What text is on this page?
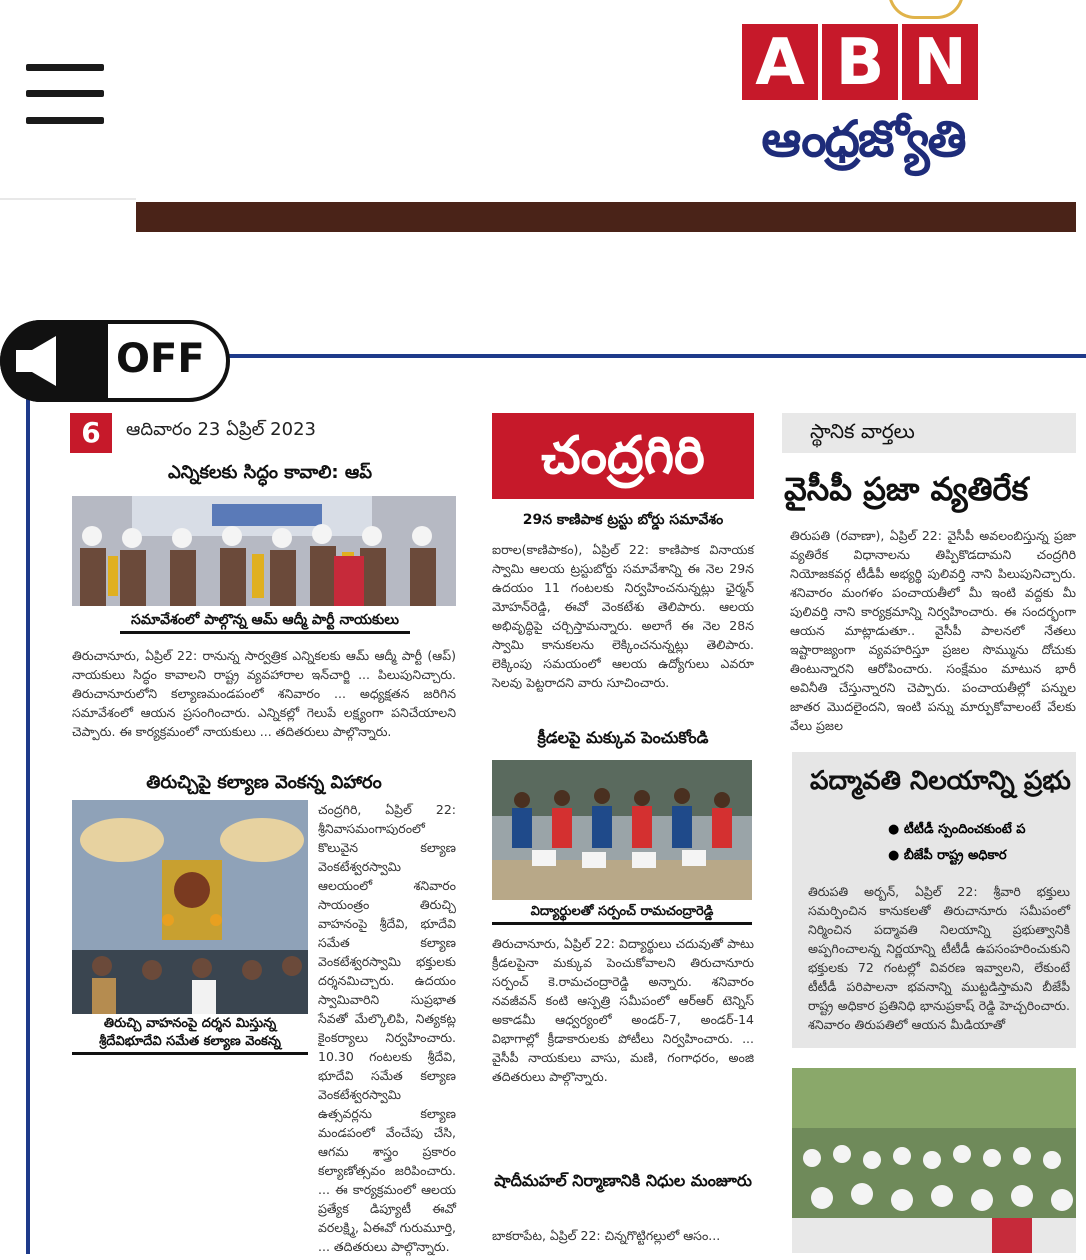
A B N
ఆంధ్రజ్యోతి
OFF
6	ఆదివారం 23 ఏప్రిల్ 2023	చంద్రగిరి	స్థానిక వార్తలు
ఎన్నికలకు సిద్ధం కావాలి: ఆప్
సమావేశంలో పాల్గొన్న ఆమ్ ఆద్మీ పార్టీ నాయకులు
తిరుచానూరు, ఏప్రిల్ 22: రానున్న సార్వత్రిక ఎన్నికలకు ఆమ్ ఆద్మీ పార్టీ (ఆప్) నాయకులు సిద్ధం కావాలని రాష్ట్ర వ్యవహారాల ఇన్‌చార్జి ... పిలుపునిచ్చారు. తిరుచానూరులోని కల్యాణమండపంలో శనివారం ... అధ్యక్షతన జరిగిన సమావేశంలో ఆయన ప్రసంగించారు. ఎన్నికల్లో గెలుపే లక్ష్యంగా పనిచేయాలని చెప్పారు. ఈ కార్యక్రమంలో నాయకులు ... తదితరులు పాల్గొన్నారు.
తిరుచ్చిపై కల్యాణ వెంకన్న విహారం
చంద్రగిరి, ఏప్రిల్ 22: శ్రీనివాసమంగాపురంలో కొలువైన కల్యాణ వెంకటేశ్వరస్వామి ఆలయంలో శనివారం సాయంత్రం తిరుచ్చి వాహనంపై శ్రీదేవి, భూదేవి సమేత కల్యాణ వెంకటేశ్వరస్వామి భక్తులకు దర్శనమిచ్చారు. ఉదయం స్వామివారిని సుప్రభాత సేవతో మేల్కొలిపి, నిత్యకట్ల కైంకర్యాలు నిర్వహించారు. 10.30 గంటలకు శ్రీదేవి, భూదేవి సమేత కల్యాణ వెంకటేశ్వరస్వామి ఉత్సవర్లను కల్యాణ మండపంలో వేంచేపు చేసి, ఆగమ శాస్త్రం ప్రకారం కల్యాణోత్సవం జరిపించారు. ... ఈ కార్యక్రమంలో ఆలయ ప్రత్యేక డిప్యూటీ ఈవో వరలక్ష్మి, ఏఈవో గురుమూర్తి, ... తదితరులు పాల్గొన్నారు.
తిరుచ్చి వాహనంపై దర్శన మిస్తున్న శ్రీదేవిభూదేవి సమేత కల్యాణ వెంకన్న
29న కాణిపాక ట్రస్టు బోర్డు సమావేశం
ఐరాల(కాణిపాకం), ఏప్రిల్ 22: కాణిపాక వినాయక స్వామి ఆలయ ట్రస్టుబోర్డు సమావేశాన్ని ఈ నెల 29న ఉదయం 11 గంటలకు నిర్వహించనున్నట్లు ఛైర్మన్ మోహన్‌రెడ్డి, ఈవో వెంకటేశు తెలిపారు. ఆలయ అభివృద్ధిపై చర్చిస్తామన్నారు. అలాగే ఈ నెల 28న స్వామి కానుకలను లెక్కించనున్నట్లు తెలిపారు. లెక్కింపు సమయంలో ఆలయ ఉద్యోగులు ఎవరూ సెలవు పెట్టరాదని వారు సూచించారు.
క్రీడలపై మక్కువ పెంచుకోండి
విద్యార్థులతో సర్పంచ్ రామచంద్రారెడ్డి
తిరుచానూరు, ఏప్రిల్ 22: విద్యార్థులు చదువుతో పాటు క్రీడలపైనా మక్కువ పెంచుకోవాలని తిరుచానూరు సర్పంచ్ కె.రామచంద్రారెడ్డి అన్నారు. శనివారం నవజీవన్ కంటి ఆస్పత్రి సమీపంలో ఆర్‌ఆర్ టెన్నిస్ అకాడమీ ఆధ్వర్యంలో అండర్-7, అండర్-14 విభాగాల్లో క్రీడాకారులకు పోటీలు నిర్వహించారు. ... వైసీపీ నాయకులు వాసు, మణి, గంగాధరం, అంజి తదితరులు పాల్గొన్నారు.
షాదీమహల్ నిర్మాణానికి నిధుల మంజూరు
బాకరాపేట, ఏప్రిల్ 22: చిన్నగొట్టిగల్లులో ఆసం...
వైసీపీ ప్రజా వ్యతిరేక
తిరుపతి (రవాణా), ఏప్రిల్ 22: వైసీపీ అవలంబిస్తున్న ప్రజా వ్యతిరేక విధానాలను తిప్పికొడదామని చంద్రగిరి నియోజకవర్గ టీడీపీ అభ్యర్థి పులివర్తి నాని పిలుపునిచ్చారు. శనివారం మంగళం పంచాయతీలో మీ ఇంటి వద్దకు మీ పులివర్తి నాని కార్యక్రమాన్ని నిర్వహించారు. ఈ సందర్భంగా ఆయన మాట్లాడుతూ.. వైసీపీ పాలనలో నేతలు ఇష్టారాజ్యంగా వ్యవహరిస్తూ ప్రజల సొమ్మును దోచుకు తింటున్నారని ఆరోపించారు. సంక్షేమం మాటున భారీ అవినీతి చేస్తున్నారని చెప్పారు. పంచాయతీల్లో పన్నుల జాతర మొదలైందని, ఇంటి పన్ను మార్పుకోవాలంటే వేలకు వేలు ప్రజల
పద్మావతి నిలయాన్ని ప్రభు
● టీటీడీ స్పందించకుంటే ప
● బీజేపీ రాష్ట్ర అధికార
తిరుపతి అర్బన్, ఏప్రిల్ 22: శ్రీవారి భక్తులు సమర్పించిన కానుకలతో తిరుచానూరు సమీపంలో నిర్మించిన పద్మావతి నిలయాన్ని ప్రభుత్వానికి అప్పగించాలన్న నిర్ణయాన్ని టీటీడీ ఉపసంహరించుకుని భక్తులకు 72 గంటల్లో వివరణ ఇవ్వాలని, లేకుంటే టీటీడీ పరిపాలనా భవనాన్ని ముట్టడిస్తామని బీజేపీ రాష్ట్ర అధికార ప్రతినిధి భానుప్రకాష్ రెడ్డి హెచ్చరించారు. శనివారం తిరుపతిలో ఆయన మీడియాతో
